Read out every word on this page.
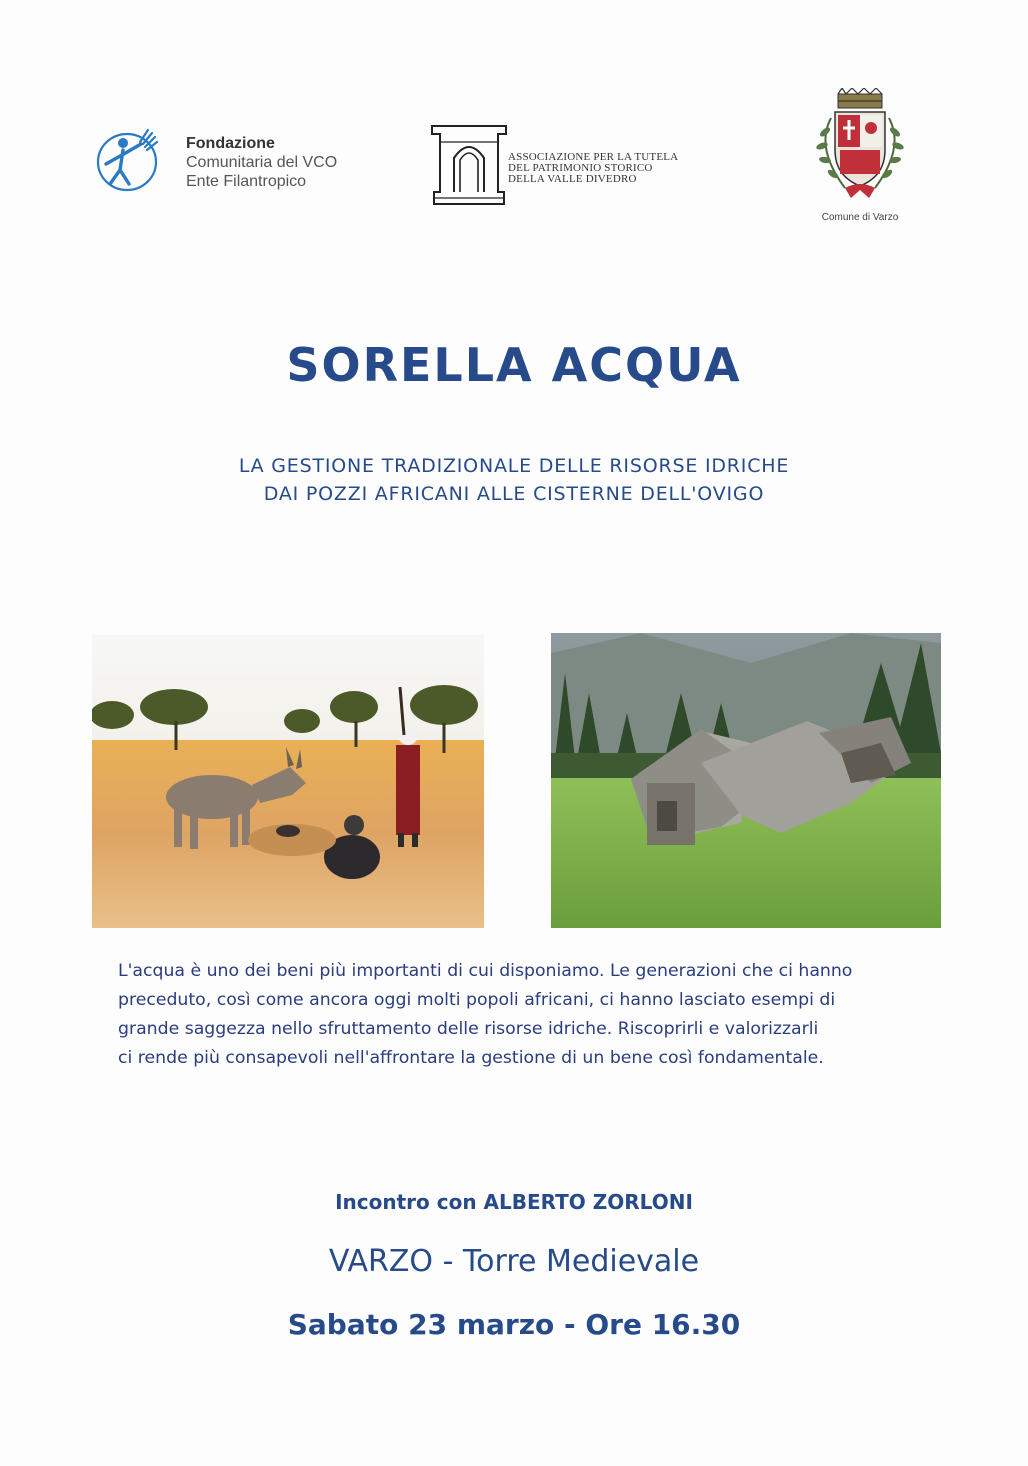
Fondazione
Comunitaria del VCO
Ente Filantropico
ASSOCIAZIONE PER LA TUTELA
DEL PATRIMONIO STORICO
DELLA VALLE DIVEDRO
Comune di Varzo
SORELLA ACQUA
LA GESTIONE TRADIZIONALE DELLE RISORSE IDRICHE
DAI POZZI AFRICANI ALLE CISTERNE DELL'OVIGO
L'acqua è uno dei beni più importanti di cui disponiamo. Le generazioni che ci hanno
preceduto, così come ancora oggi molti popoli africani, ci hanno lasciato esempi di
grande saggezza nello sfruttamento delle risorse idriche. Riscoprirli e valorizzarli
ci rende più consapevoli nell'affrontare la gestione di un bene così fondamentale.
Incontro con ALBERTO ZORLONI
VARZO - Torre Medievale
Sabato 23 marzo - Ore 16.30
